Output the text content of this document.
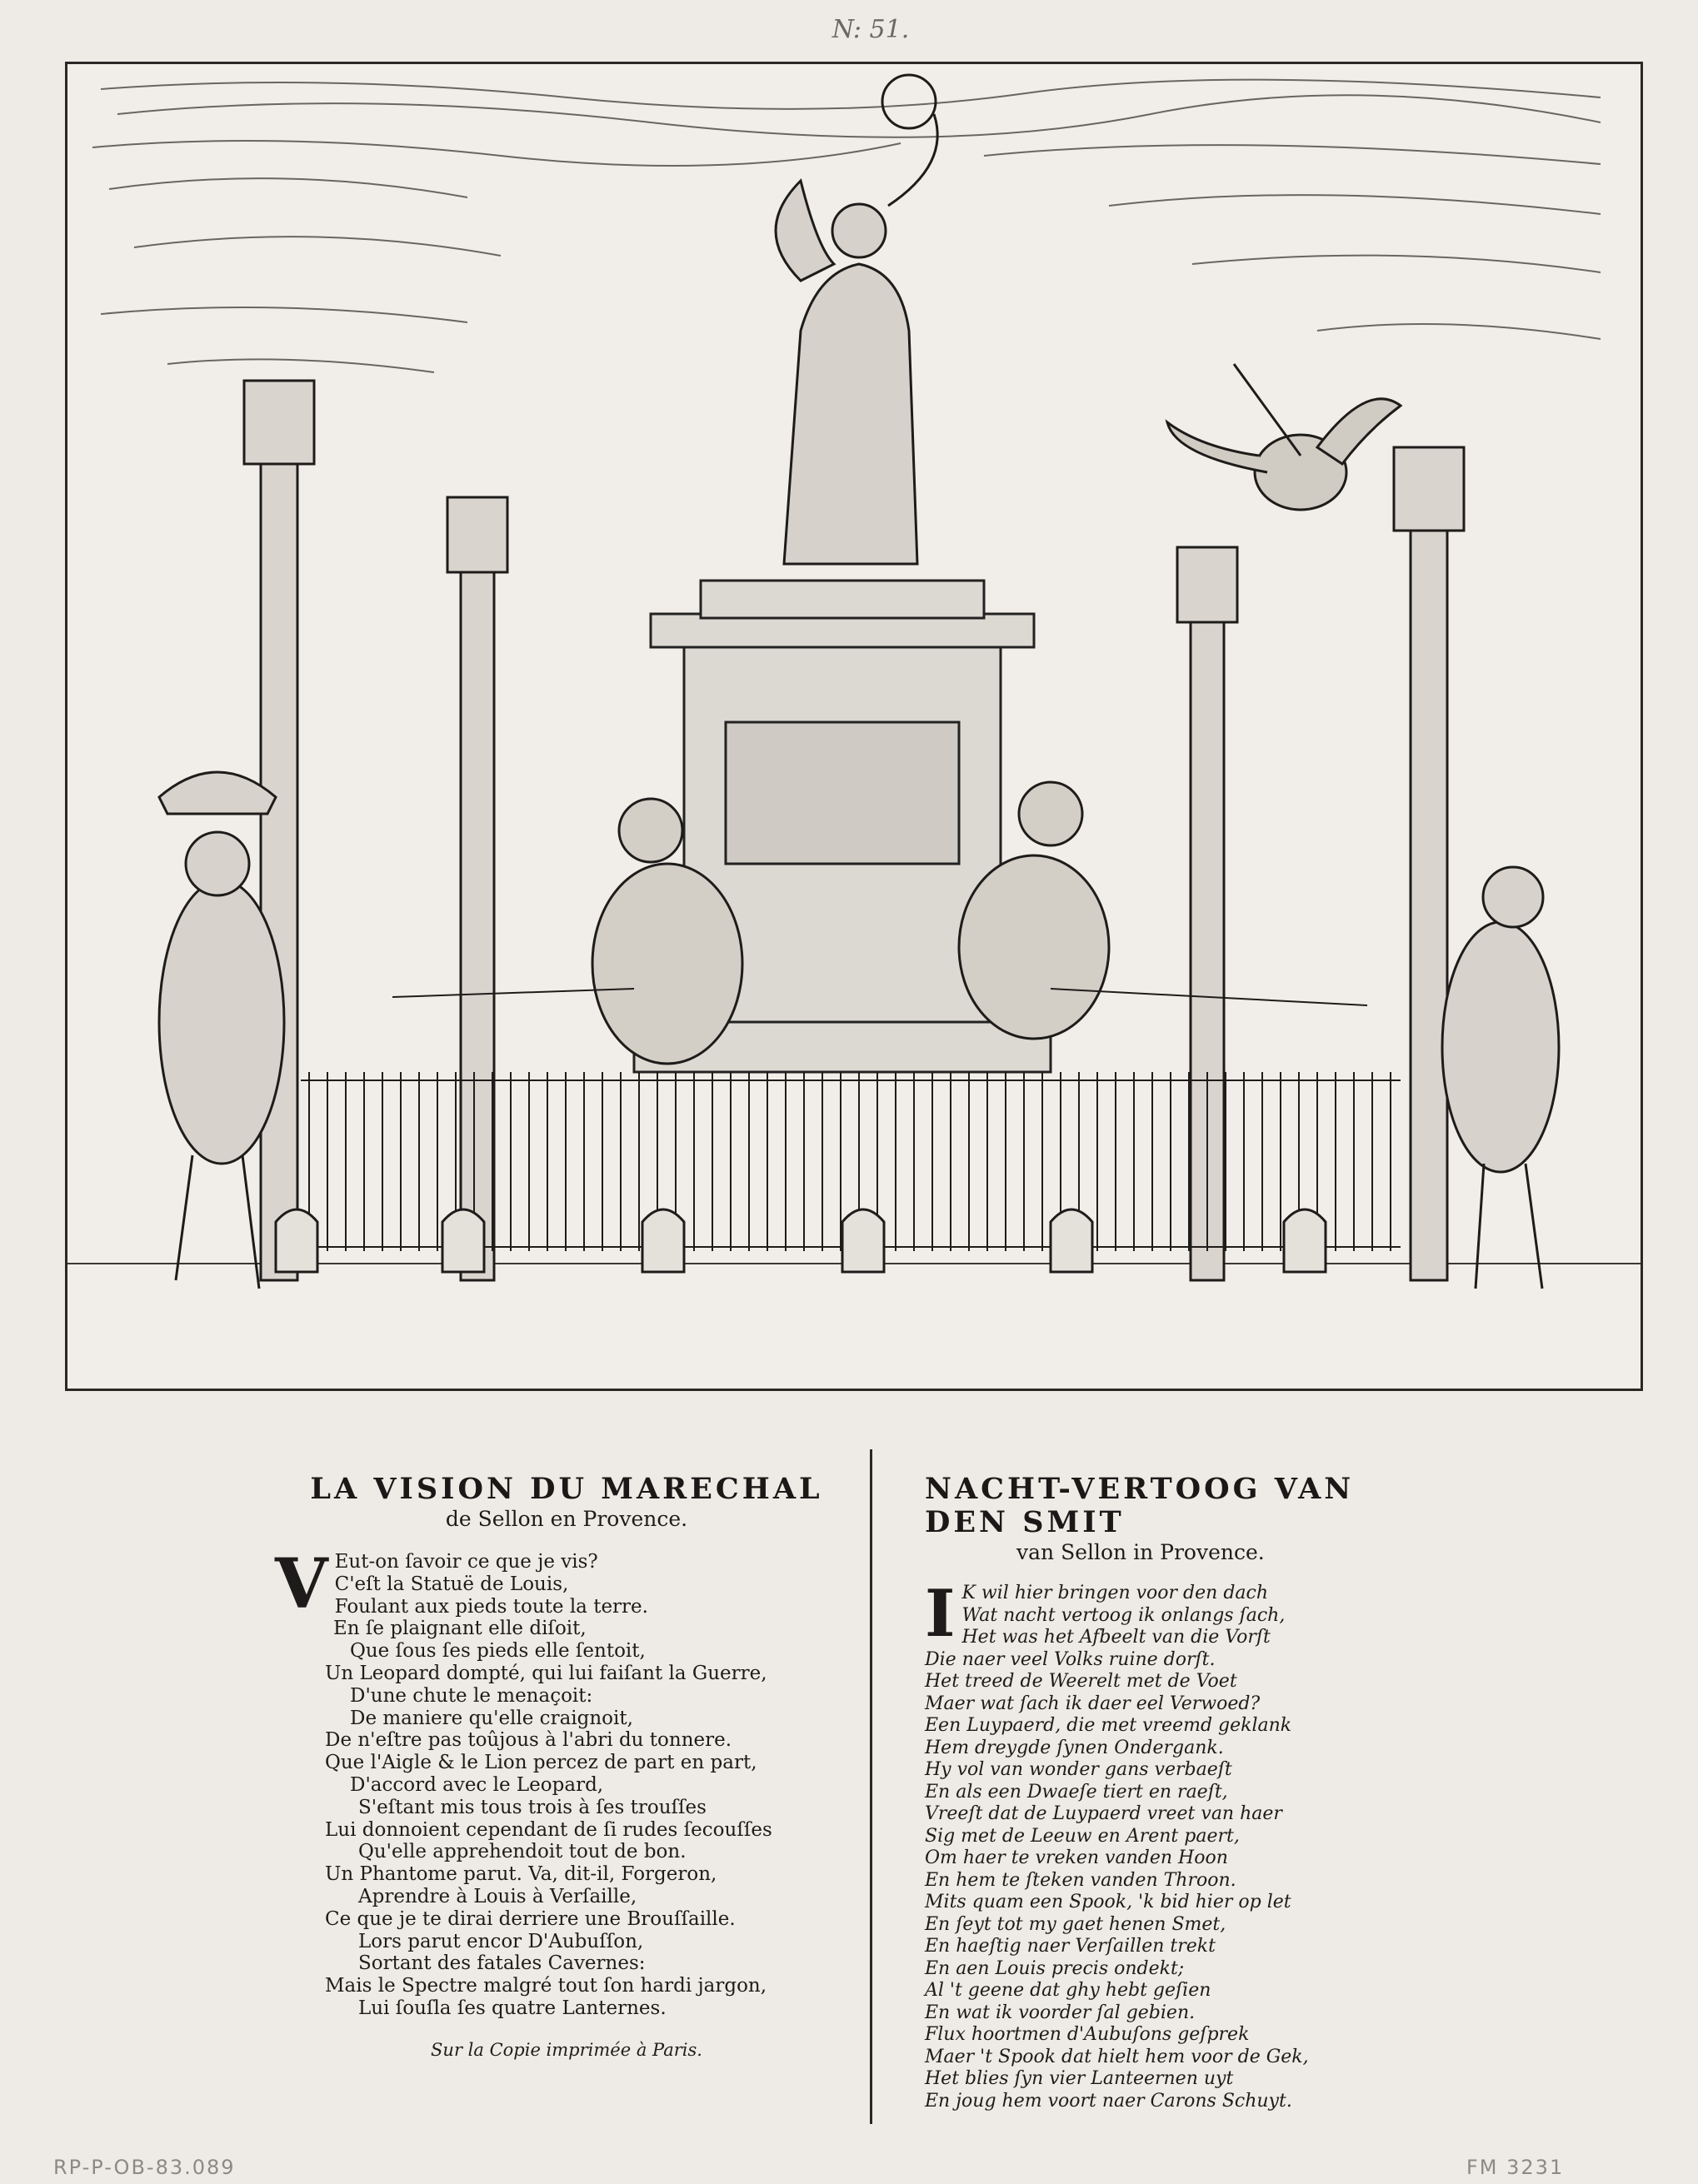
N: 51.
LA VISION DU MARECHAL
de Sellon en Provence.
V Eut-on ſavoir ce que je vis?
C'eſt la Statuë de Louis,
Foulant aux pieds toute la terre.
En ſe plaignant elle diſoit,
Que ſous ſes pieds elle ſentoit,
Un Leopard dompté, qui lui faiſant la Guerre,
D'une chute le menaçoit:
De maniere qu'elle craignoit,
De n'eſtre pas toûjous à l'abri du tonnere.
Que l'Aigle & le Lion percez de part en part,
D'accord avec le Leopard,
S'eſtant mis tous trois à ſes trouſſes
Lui donnoient cependant de ſi rudes ſecouſſes
Qu'elle apprehendoit tout de bon.
Un Phantome parut. Va, dit-il, Forgeron,
Aprendre à Louis à Verſaille,
Ce que je te dirai derriere une Brouſſaille.
Lors parut encor D'Aubuſſon,
Sortant des fatales Cavernes:
Mais le Spectre malgré tout ſon hardi jargon,
Lui ſouſla ſes quatre Lanternes.
Sur la Copie imprimée à Paris.
NACHT-VERTOOG VAN DEN SMIT
van Sellon in Provence.
I K wil hier bringen voor den dach
Wat nacht vertoog ik onlangs ſach,
Het was het Afbeelt van die Vorſt
Die naer veel Volks ruine dorſt.
Het treed de Weerelt met de Voet
Maer wat ſach ik daer eel Verwoed?
Een Luypaerd, die met vreemd geklank
Hem dreygde ſynen Ondergank.
Hy vol van wonder gans verbaeſt
En als een Dwaeſe tiert en raeſt,
Vreeſt dat de Luypaerd vreet van haer
Sig met de Leeuw en Arent paert,
Om haer te vreken vanden Hoon
En hem te ſteken vanden Throon.
Mits quam een Spook, 'k bid hier op let
En ſeyt tot my gaet henen Smet,
En haeſtig naer Verſaillen trekt
En aen Louis precis ondekt;
Al 't geene dat ghy hebt geſien
En wat ik voorder ſal gebien.
Flux hoortmen d'Aubuſons geſprek
Maer 't Spook dat hielt hem voor de Gek,
Het blies ſyn vier Lanteernen uyt
En joug hem voort naer Carons Schuyt.
RP-P-OB-83.089	FM 3231
